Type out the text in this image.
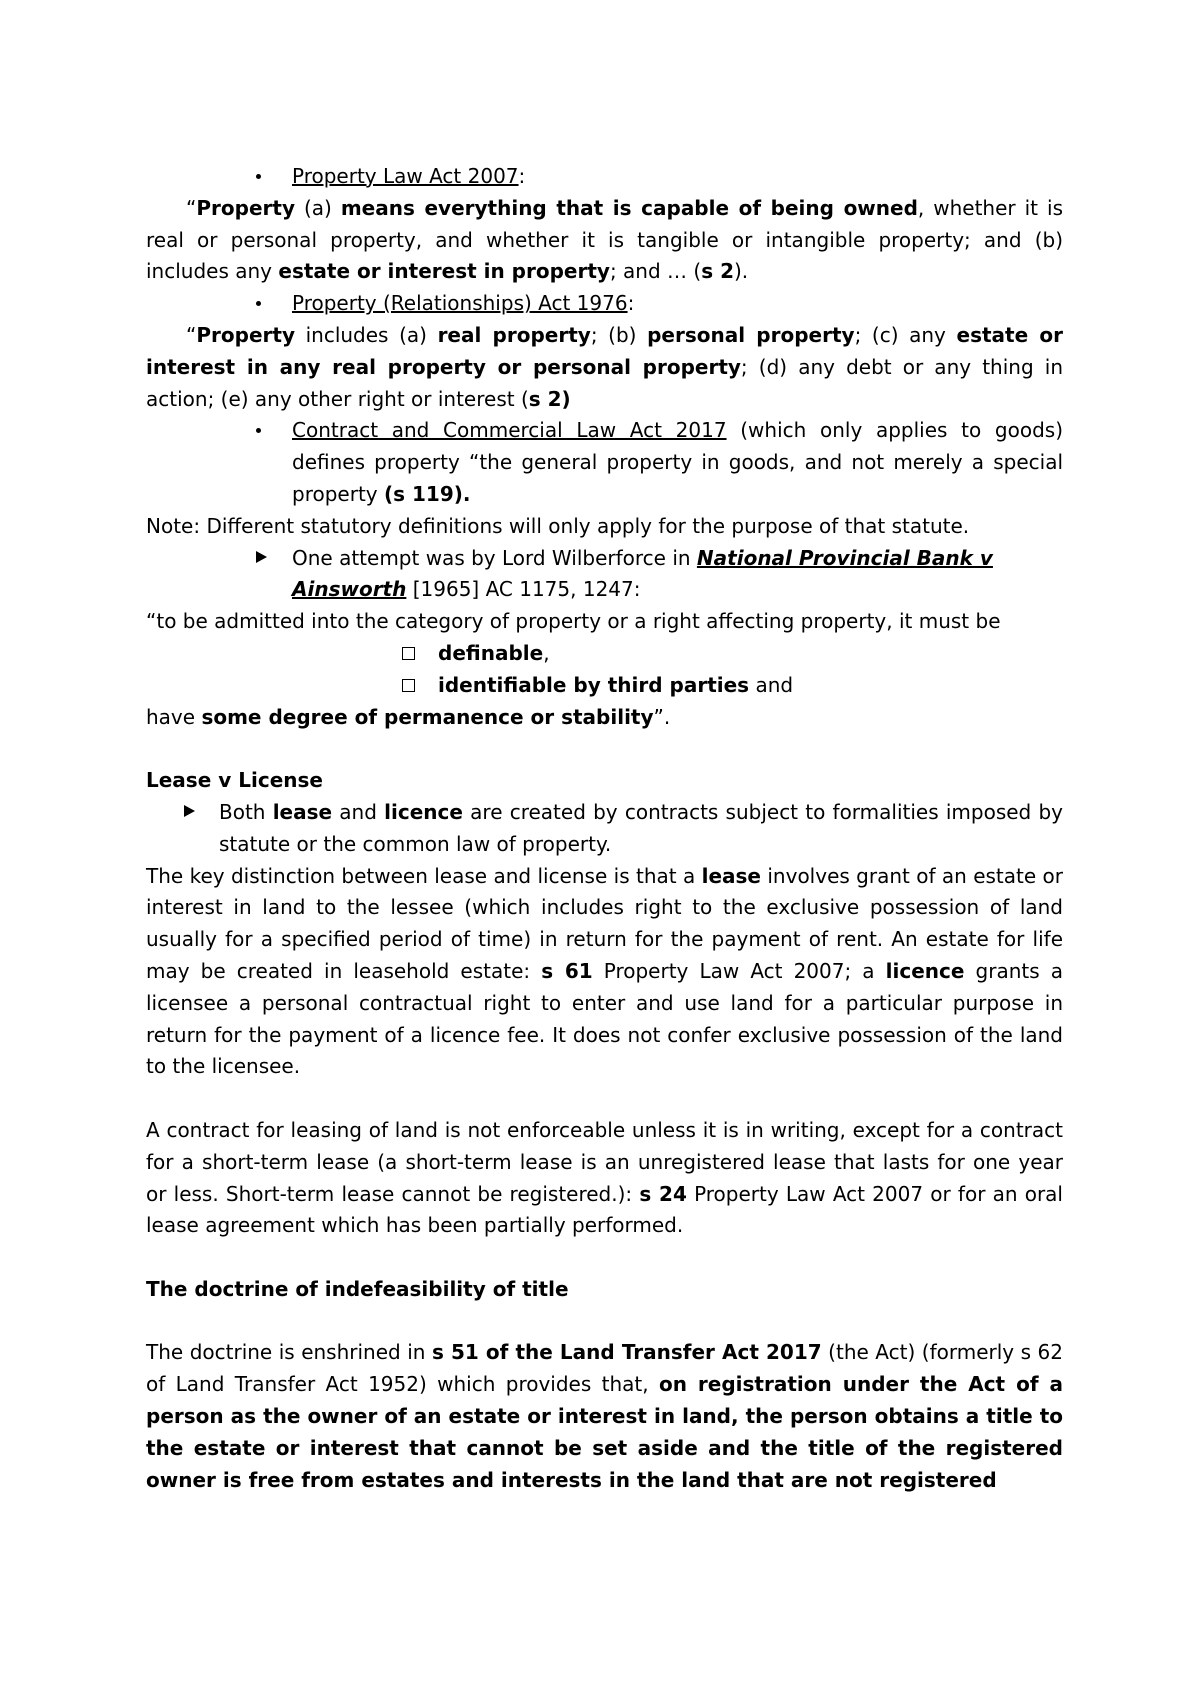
Property Law Act 2007:

“Property (a) means everything that is capable of being owned, whether it is real or personal property, and whether it is tangible or intangible property; and (b) includes any estate or interest in property; and … (s 2).

Property (Relationships) Act 1976:

“Property includes (a) real property; (b) personal property; (c) any estate or interest in any real property or personal property; (d) any debt or any thing in action; (e) any other right or interest (s 2)

Contract and Commercial Law Act 2017 (which only applies to goods) defines property “the general property in goods, and not merely a special property (s 119).

Note: Different statutory definitions will only apply for the purpose of that statute.

One attempt was by Lord Wilberforce in National Provincial Bank v Ainsworth [1965] AC 1175, 1247:

“to be admitted into the category of property or a right affecting property, it must be

definable,

identifiable by third parties and

have some degree of permanence or stability”.

Lease v License

Both lease and licence are created by contracts subject to formalities imposed by statute or the common law of property.

The key distinction between lease and license is that a lease involves grant of an estate or interest in land to the lessee (which includes right to the exclusive possession of land usually for a specified period of time) in return for the payment of rent. An estate for life may be created in leasehold estate: s 61 Property Law Act 2007; a licence grants a licensee a personal contractual right to enter and use land for a particular purpose in return for the payment of a licence fee. It does not confer exclusive possession of the land to the licensee.

A contract for leasing of land is not enforceable unless it is in writing, except for a contract for a short-term lease (a short-term lease is an unregistered lease that lasts for one year or less. Short-term lease cannot be registered.): s 24 Property Law Act 2007 or for an oral lease agreement which has been partially performed.

The doctrine of indefeasibility of title

The doctrine is enshrined in s 51 of the Land Transfer Act 2017 (the Act) (formerly s 62 of Land Transfer Act 1952) which provides that, on registration under the Act of a person as the owner of an estate or interest in land, the person obtains a title to the estate or interest that cannot be set aside and the title of the registered owner is free from estates and interests in the land that are not registered
